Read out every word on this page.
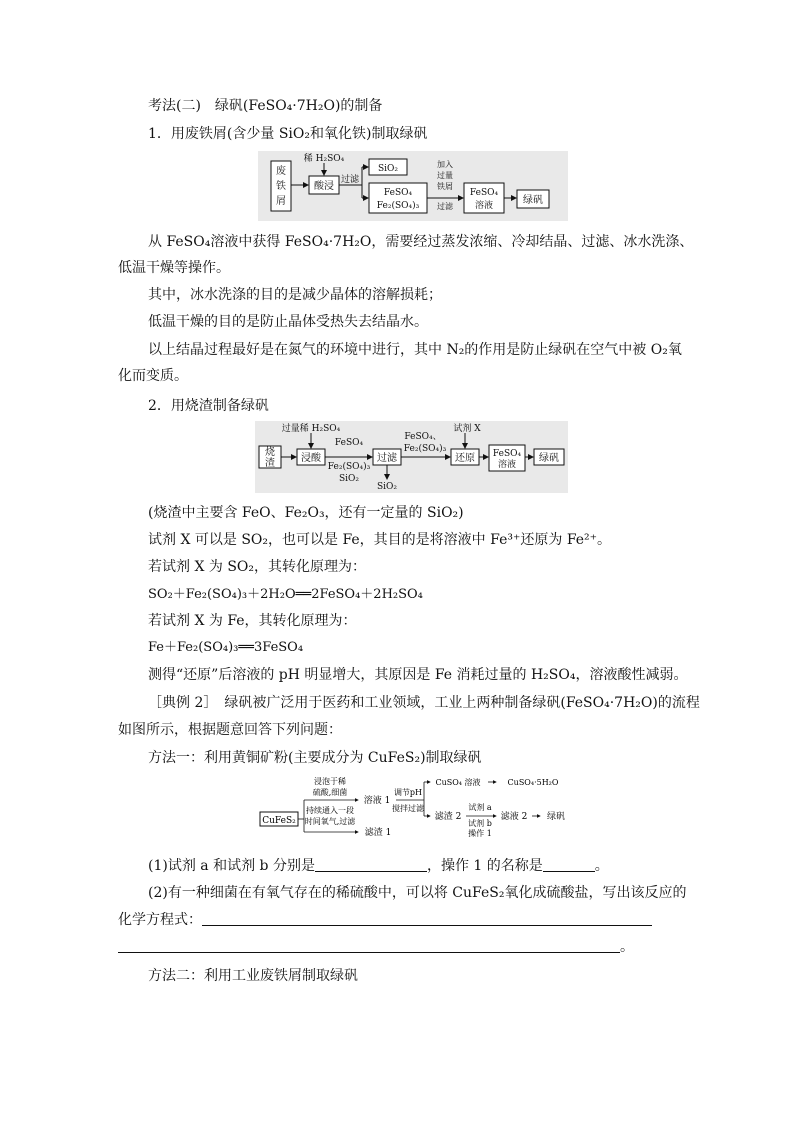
考法(二)　绿矾(FeSO₄·7H₂O)的制备
1．用废铁屑(含少量 SiO₂和氧化铁)制取绿矾
废
铁
屑
稀 H₂SO₄
酸浸
过滤
SiO₂
FeSO₄
Fe₂(SO₄)₃
加入
过量
铁屑
过滤
FeSO₄
溶液	绿矾
从 FeSO₄溶液中获得 FeSO₄·7H₂O，需要经过蒸发浓缩、冷却结晶、过滤、冰水洗涤、
低温干燥等操作。
其中，冰水洗涤的目的是减少晶体的溶解损耗；
低温干燥的目的是防止晶体受热失去结晶水。
以上结晶过程最好是在氮气的环境中进行，其中 N₂的作用是防止绿矾在空气中被 O₂氧
化而变质。
2．用烧渣制备绿矾
烧
渣
过量稀 H₂SO₄
浸酸
FeSO₄
Fe₂(SO₄)₃
SiO₂
过滤
SiO₂
FeSO₄、
Fe₂(SO₄)₃
试剂 X
还原 FeSO₄
溶液
绿矾
(烧渣中主要含 FeO、Fe₂O₃，还有一定量的 SiO₂)
试剂 X 可以是 SO₂，也可以是 Fe，其目的是将溶液中 Fe³⁺还原为 Fe²⁺。
若试剂 X 为 SO₂，其转化原理为：
SO₂＋Fe₂(SO₄)₃＋2H₂O══2FeSO₄＋2H₂SO₄
若试剂 X 为 Fe，其转化原理为：
Fe＋Fe₂(SO₄)₃══3FeSO₄
测得“还原”后溶液的 pH 明显增大，其原因是 Fe 消耗过量的 H₂SO₄，溶液酸性减弱。
［典例 2］　绿矾被广泛用于医药和工业领域，工业上两种制备绿矾(FeSO₄·7H₂O)的流程
如图所示，根据题意回答下列问题：
方法一：利用黄铜矿粉(主要成分为 CuFeS₂)制取绿矾
CuFeS₂
浸泡于稀
硫酸,细菌
持续通入一段
时间氧气,过滤
溶液 1
滤渣 1
调节pH
搅拌过滤
CuSO₄ 溶液	CuSO₄·5H₂O
滤渣 2
试剂 a
试剂 b
操作 1
滤液 2 绿矾
(1)试剂 a 和试剂 b 分别是	，操作 1 的名称是	。
(2)有一种细菌在有氧气存在的稀硫酸中，可以将 CuFeS₂氧化成硫酸盐，写出该反应的
化学方程式：
。
方法二：利用工业废铁屑制取绿矾
